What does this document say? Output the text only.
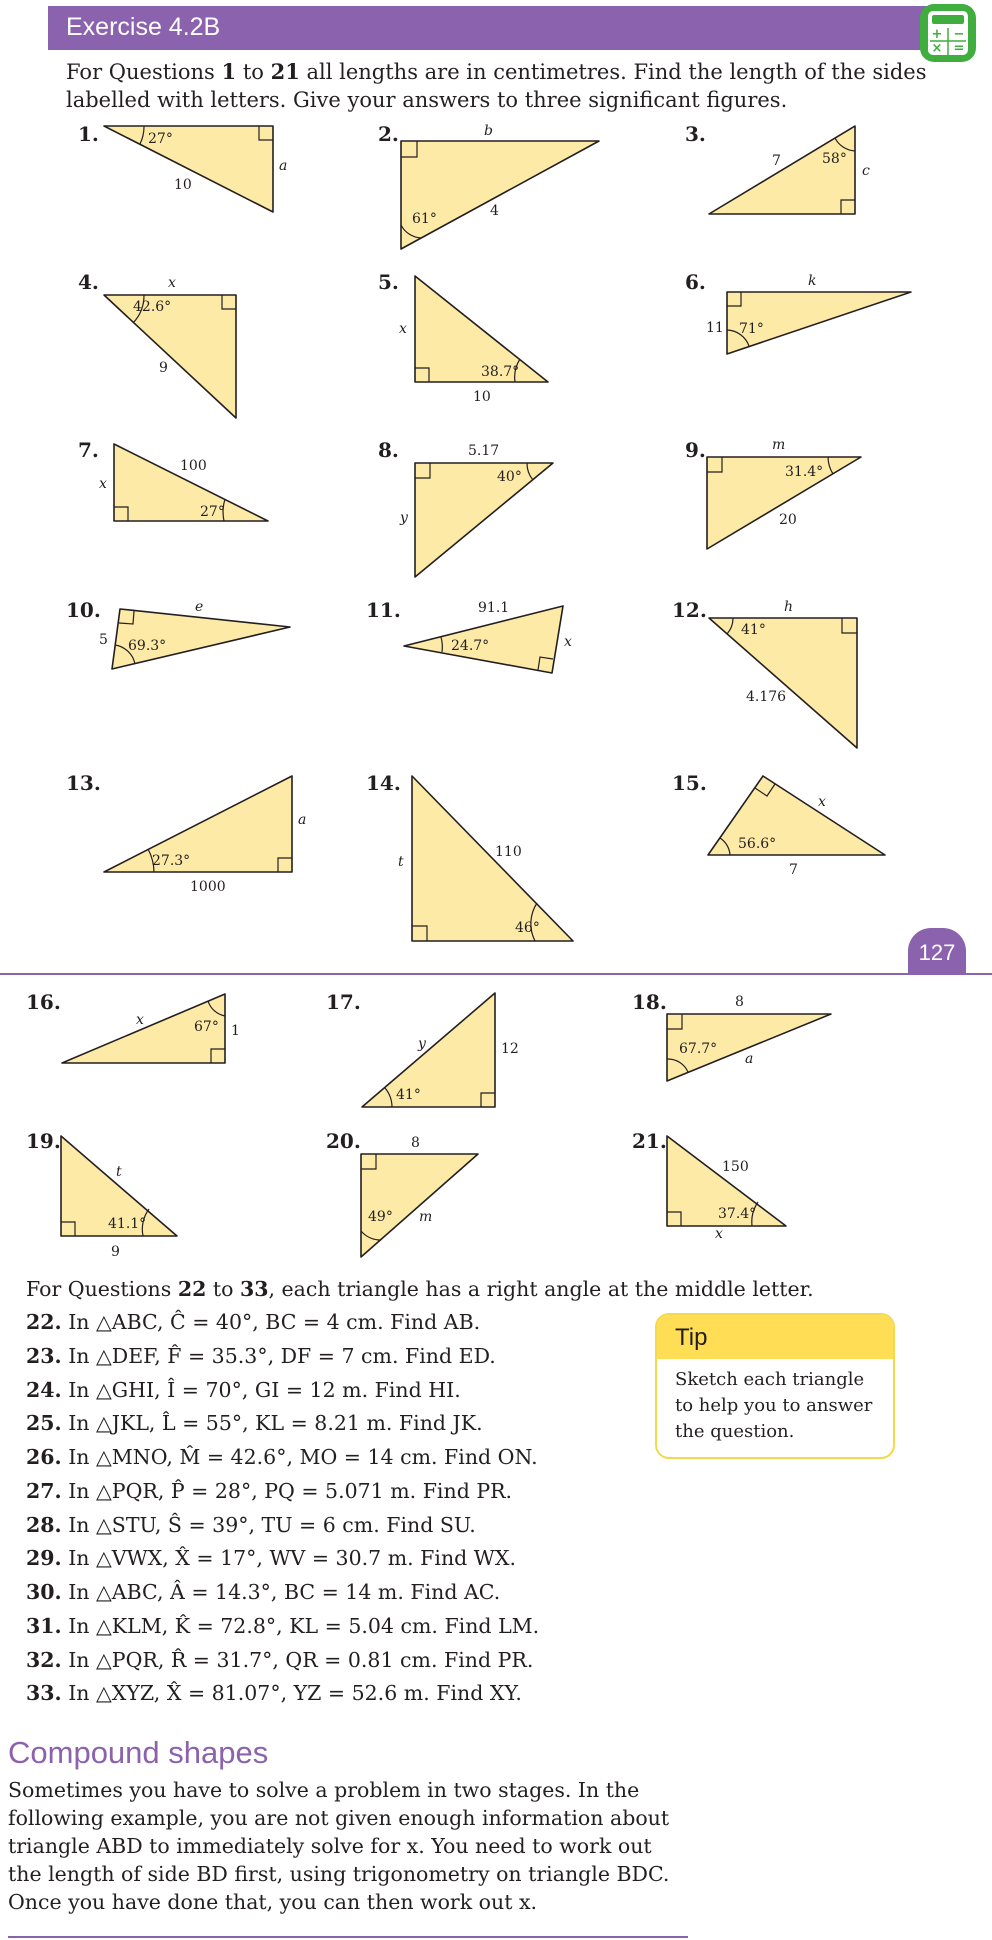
Exercise 4.2B	+ −
× =
For Questions 1 to 21 all lengths are in centimetres. Find the length of the sides
labelled with letters. Give your answers to three significant figures.
1.	2.	3.
4.	5.	6.
7.	8.	9.
10.	11.	12.
13.	14.	15.
16.	17.	18.
19.	20.	21.
27°
10
a
b
61°	4
7	58°
c
x
42.6°
9
x
38.7°
10
k
11 71°
100
x
27°
5.17
40°
y
m
31.4°
20
e
5 69.3°
91.1
24.7°	x
h
41°
4.176
a
27.3°
1000
110
t
46°
x
56.6°
7
x	67° 1
y	12
41°
8
67.7°
a
t
41.1°
9
8
49° m
150
37.4°
x
127
For Questions 22 to 33, each triangle has a right angle at the middle letter.
22. In △ABC, Ĉ = 40°, BC = 4 cm. Find AB.
23. In △DEF, F̂ = 35.3°, DF = 7 cm. Find ED.
24. In △GHI, Î = 70°, GI = 12 m. Find HI.
25. In △JKL, L̂ = 55°, KL = 8.21 m. Find JK.
26. In △MNO, M̂ = 42.6°, MO = 14 cm. Find ON.
27. In △PQR, P̂ = 28°, PQ = 5.071 m. Find PR.
28. In △STU, Ŝ = 39°, TU = 6 cm. Find SU.
29. In △VWX, X̂ = 17°, WV = 30.7 m. Find WX.
30. In △ABC, Â = 14.3°, BC = 14 m. Find AC.
31. In △KLM, K̂ = 72.8°, KL = 5.04 cm. Find LM.
32. In △PQR, R̂ = 31.7°, QR = 0.81 cm. Find PR.
33. In △XYZ, X̂ = 81.07°, YZ = 52.6 m. Find XY.
Tip
Sketch each triangle to help you to answer the question.
Compound shapes
Sometimes you have to solve a problem in two stages. In the following example, you are not given enough information about triangle ABD to immediately solve for x. You need to work out the length of side BD first, using trigonometry on triangle BDC. Once you have done that, you can then work out x.
